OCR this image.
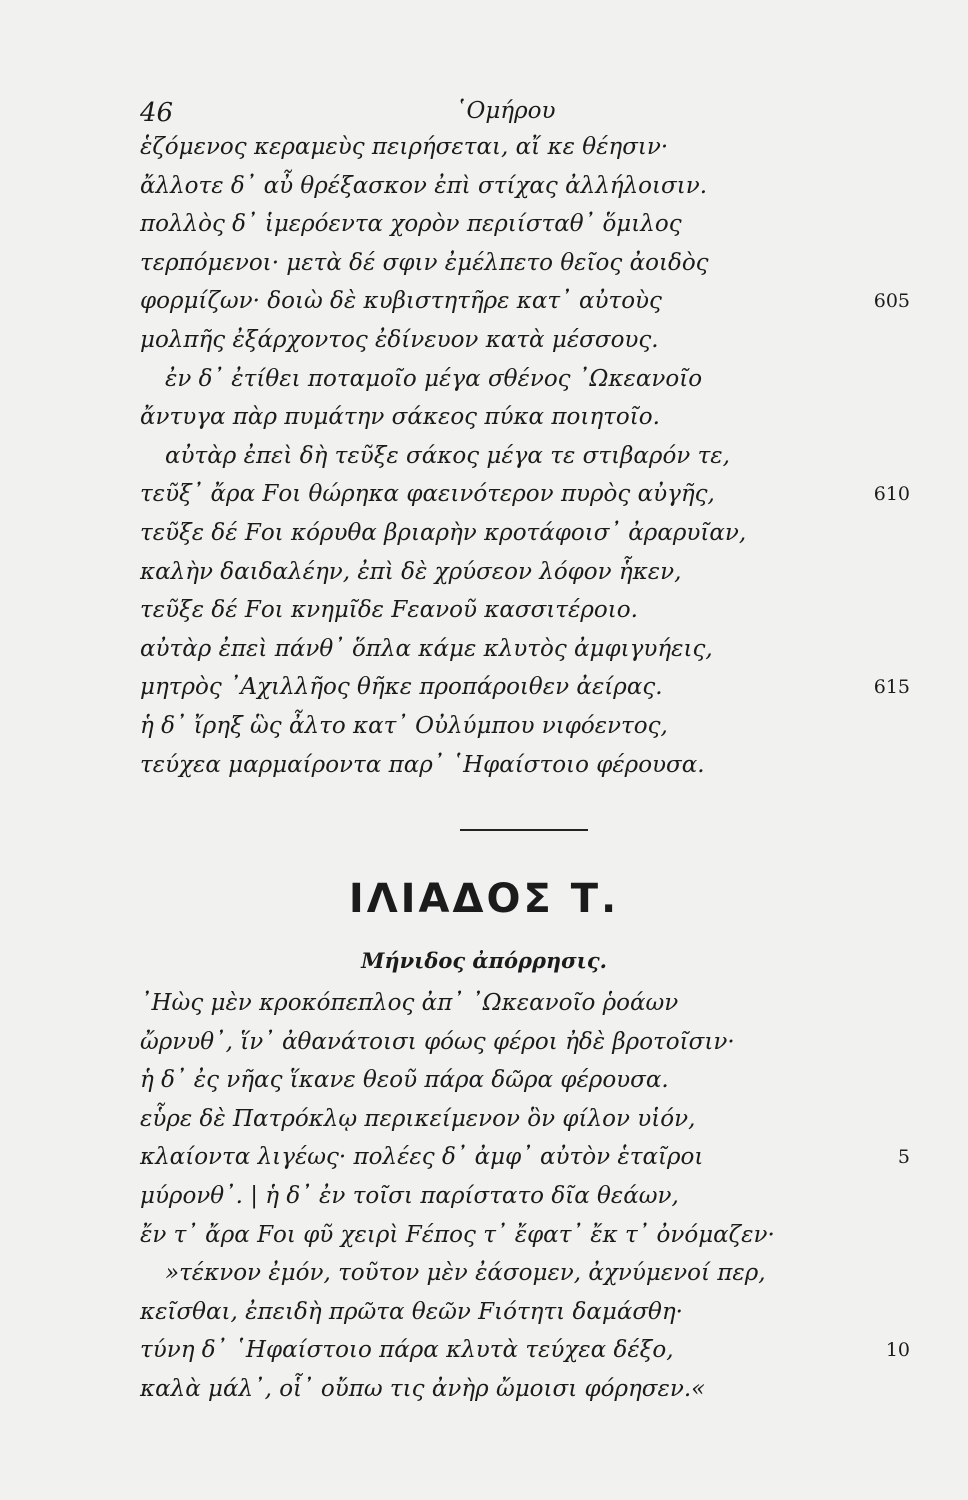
46	῾Ομήρου
ἑζόμενος κεραμεὺς πειρήσεται, αἴ κε θέησιν·
ἄλλοτε δ᾽ αὖ θρέξασκον ἐπὶ στίχας ἀλλήλοισιν.
πολλὸς δ᾽ ἱμερόεντα χορὸν περιίσταθ᾽ ὅμιλος
τερπόμενοι· μετὰ δέ σφιν ἐμέλπετο θεῖος ἀοιδὸς
φορμίζων· δοιὼ δὲ κυβιστητῆρε κατ᾽ αὐτοὺς	605
μολπῆς ἐξάρχοντος ἐδίνευον κατὰ μέσσους.
ἐν δ᾽ ἐτίθει ποταμοῖο μέγα σθένος ᾽Ωκεανοῖο
ἄντυγα πὰρ πυμάτην σάκεος πύκα ποιητοῖο.
αὐτὰρ ἐπεὶ δὴ τεῦξε σάκος μέγα τε στιβαρόν τε,
τεῦξ᾽ ἄρα Fοι θώρηκα φαεινότερον πυρὸς αὐγῆς,	610
τεῦξε δέ Fοι κόρυθα βριαρὴν κροτάφοισ᾽ ἀραρυῖαν,
καλὴν δαιδαλέην, ἐπὶ δὲ χρύσεον λόφον ἧκεν,
τεῦξε δέ Fοι κνημῖδε Fεανοῦ κασσιτέροιο.
αὐτὰρ ἐπεὶ πάνθ᾽ ὅπλα κάμε κλυτὸς ἀμφιγυήεις,
μητρὸς ᾽Αχιλλῆος θῆκε προπάροιθεν ἀείρας.	615
ἡ δ᾽ ἴρηξ ὣς ἆλτο κατ᾽ Οὐλύμπου νιφόεντος,
τεύχεα μαρμαίροντα παρ᾽ ῾Ηφαίστοιο φέρουσα.
ΙΛΙΑΔΟΣ Τ.
Μήνιδος ἀπόρρησις.
᾽Ηὼς μὲν κροκόπεπλος ἀπ᾽ ᾽Ωκεανοῖο ῥοάων
ὤρνυθ᾽, ἵν᾽ ἀθανάτοισι φόως φέροι ἠδὲ βροτοῖσιν·
ἡ δ᾽ ἐς νῆας ἵκανε θεοῦ πάρα δῶρα φέρουσα.
εὗρε δὲ Πατρόκλῳ περικείμενον ὃν φίλον υἱόν,
κλαίοντα λιγέως· πολέες δ᾽ ἀμφ᾽ αὐτὸν ἑταῖροι	5
μύρονθ᾽. | ἡ δ᾽ ἐν τοῖσι παρίστατο δῖα θεάων,
ἔν τ᾽ ἄρα Fοι φῦ χειρὶ Fέπος τ᾽ ἔφατ᾽ ἔκ τ᾽ ὀνόμαζεν·
»τέκνον ἐμόν, τοῦτον μὲν ἐάσομεν, ἀχνύμενοί περ,
κεῖσθαι, ἐπειδὴ πρῶτα θεῶν Fιότητι δαμάσθη·
τύνη δ᾽ ῾Ηφαίστοιο πάρα κλυτὰ τεύχεα δέξο,	10
καλὰ μάλ᾽, οἷ᾽ οὔπω τις ἀνὴρ ὤμοισι φόρησεν.«
